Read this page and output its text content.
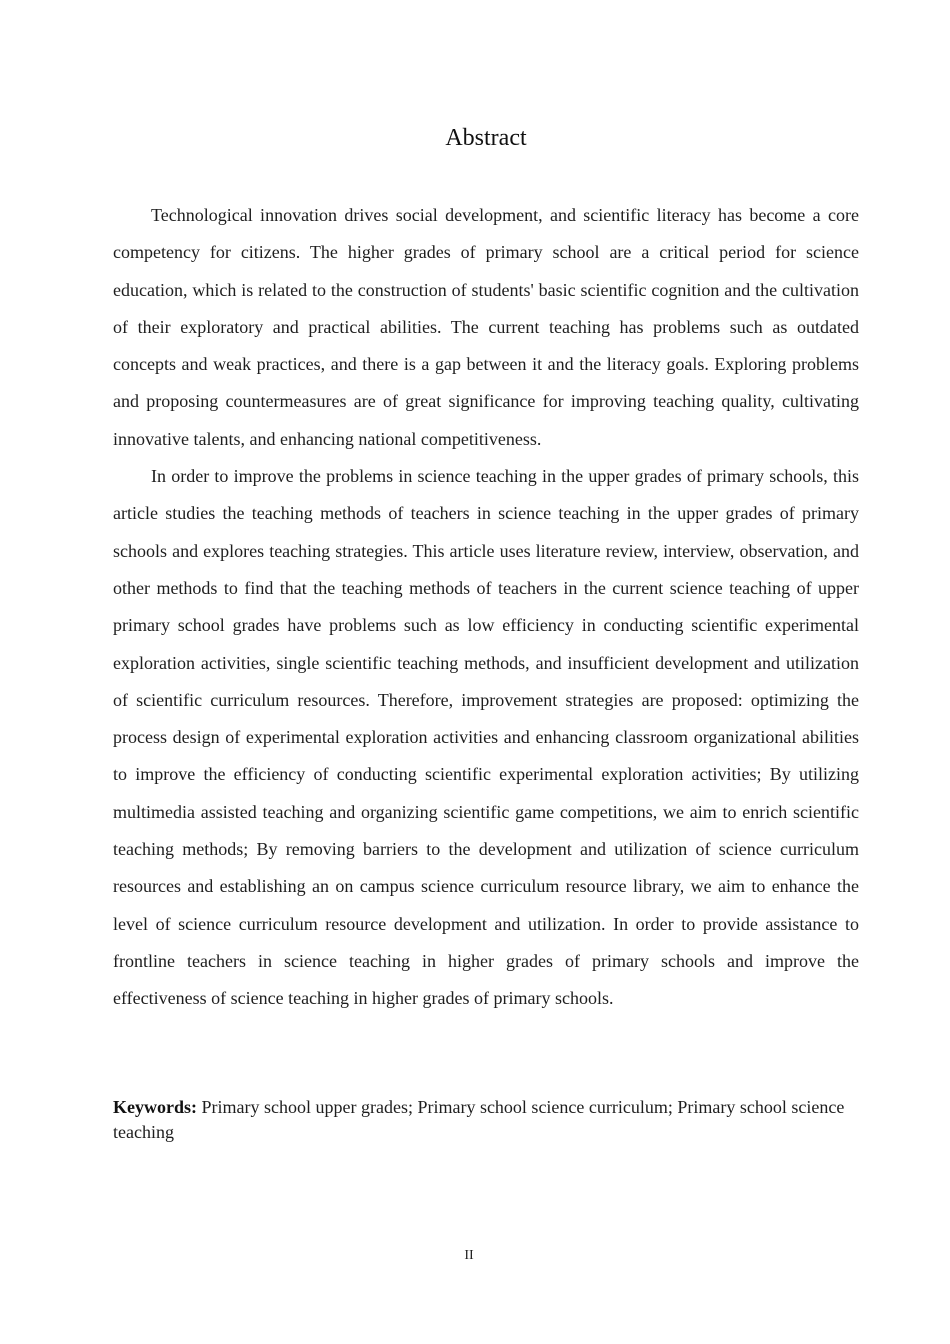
Abstract

Technological innovation drives social development, and scientific literacy has become a core competency for citizens. The higher grades of primary school are a critical period for science education, which is related to the construction of students' basic scientific cognition and the cultivation of their exploratory and practical abilities. The current teaching has problems such as outdated concepts and weak practices, and there is a gap between it and the literacy goals. Exploring problems and proposing countermeasures are of great significance for improving teaching quality, cultivating innovative talents, and enhancing national competitiveness.

In order to improve the problems in science teaching in the upper grades of primary schools, this article studies the teaching methods of teachers in science teaching in the upper grades of primary schools and explores teaching strategies. This article uses literature review, interview, observation, and other methods to find that the teaching methods of teachers in the current science teaching of upper primary school grades have problems such as low efficiency in conducting scientific experimental exploration activities, single scientific teaching methods, and insufficient development and utilization of scientific curriculum resources. Therefore, improvement strategies are proposed: optimizing the process design of experimental exploration activities and enhancing classroom organizational abilities to improve the efficiency of conducting scientific experimental exploration activities; By utilizing multimedia assisted teaching and organizing scientific game competitions, we aim to enrich scientific teaching methods; By removing barriers to the development and utilization of science curriculum resources and establishing an on campus science curriculum resource library, we aim to enhance the level of science curriculum resource development and utilization. In order to provide assistance to frontline teachers in science teaching in higher grades of primary schools and improve the effectiveness of science teaching in higher grades of primary schools.

Keywords: Primary school upper grades; Primary school science curriculum; Primary school science teaching

II
